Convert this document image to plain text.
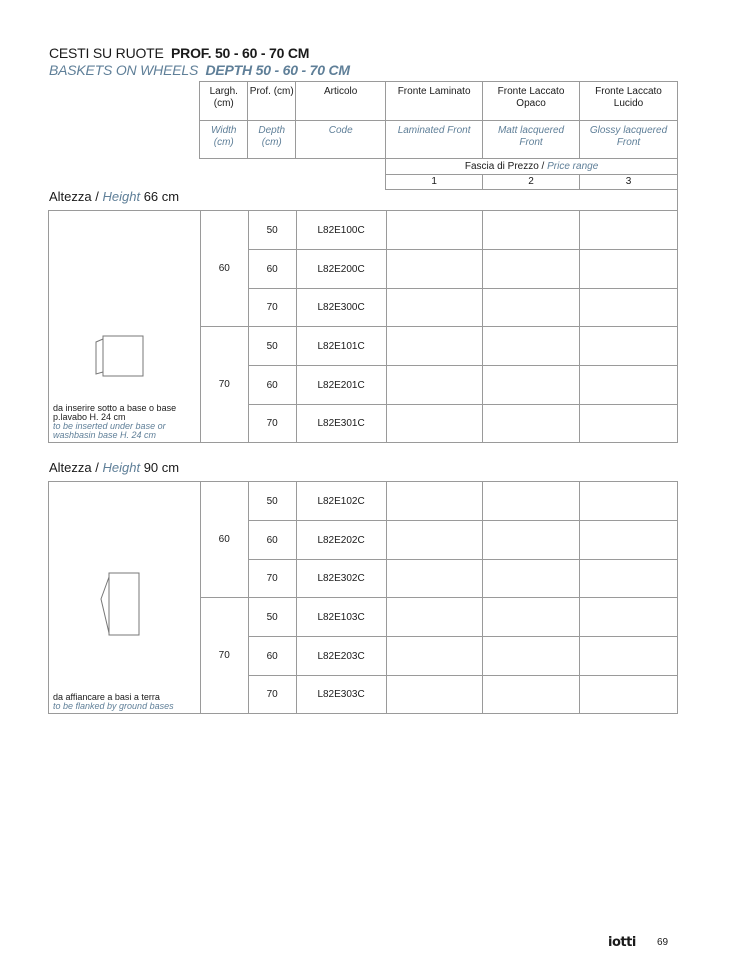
CESTI SU RUOTE PROF. 50 - 60 - 70 CM
BASKETS ON WHEELS DEPTH 50 - 60 - 70 CM
	Largh. (cm)	Prof. (cm)	Articolo	Fronte Laminato	Fronte Laccato Opaco	Fronte Laccato Lucido
	Width (cm)	Depth (cm)	Code	Laminated Front	Matt lacquered Front	Glossy lacquered Front
				Fascia di Prezzo / Price range		
				1	2	3
Altezza / Height 66 cm
da inserire sotto a base o base p.lavabo H. 24 cm
to be inserted under base or washbasin base H. 24 cm	60	50	L82E100C			
		60	L82E200C			
		70	L82E300C			
	70	50	L82E101C			
		60	L82E201C			
		70	L82E301C			
Altezza / Height 90 cm
da affiancare a basi a terra
to be flanked by ground bases	60	50	L82E102C			
		60	L82E202C			
		70	L82E302C			
	70	50	L82E103C			
		60	L82E203C			
		70	L82E303C			
iotti 69
